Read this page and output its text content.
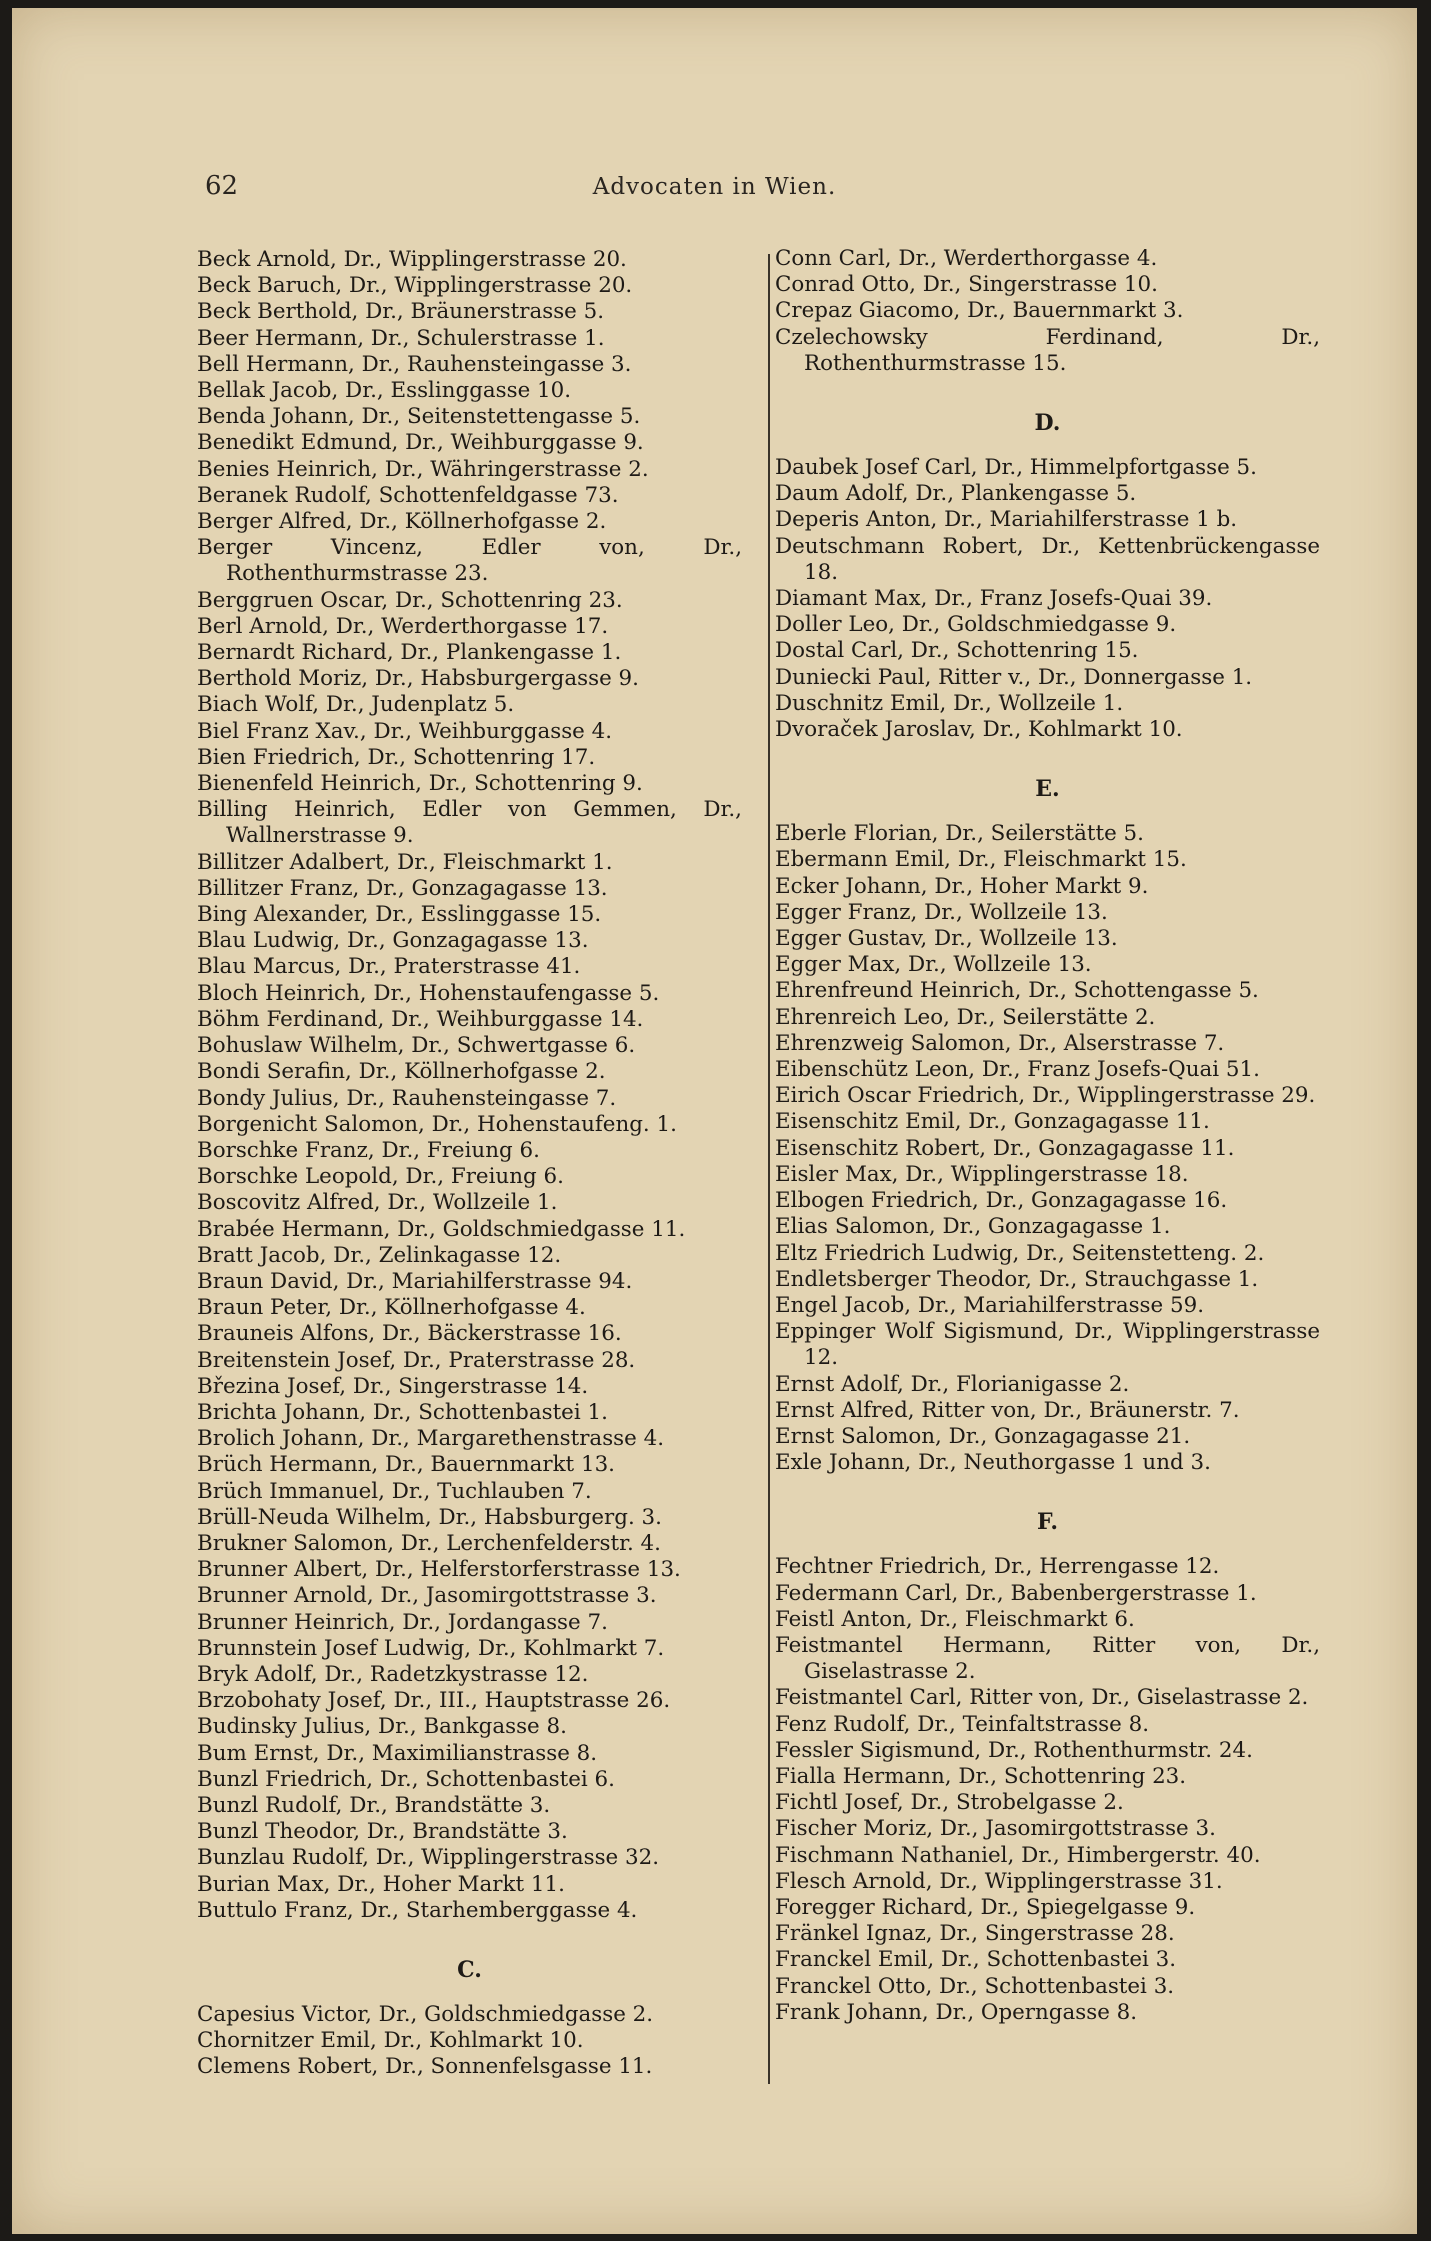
62	Advocaten in Wien.
Beck Arnold, Dr., Wipplingerstrasse 20.
Beck Baruch, Dr., Wipplingerstrasse 20.
Beck Berthold, Dr., Bräunerstrasse 5.
Beer Hermann, Dr., Schulerstrasse 1.
Bell Hermann, Dr., Rauhensteingasse 3.
Bellak Jacob, Dr., Esslinggasse 10.
Benda Johann, Dr., Seitenstettengasse 5.
Benedikt Edmund, Dr., Weihburggasse 9.
Benies Heinrich, Dr., Währingerstrasse 2.
Beranek Rudolf, Schottenfeldgasse 73.
Berger Alfred, Dr., Köllnerhofgasse 2.
Berger Vincenz, Edler von, Dr., Rothenthurmstrasse 23.
Berggruen Oscar, Dr., Schottenring 23.
Berl Arnold, Dr., Werderthorgasse 17.
Bernardt Richard, Dr., Plankengasse 1.
Berthold Moriz, Dr., Habsburgergasse 9.
Biach Wolf, Dr., Judenplatz 5.
Biel Franz Xav., Dr., Weihburggasse 4.
Bien Friedrich, Dr., Schottenring 17.
Bienenfeld Heinrich, Dr., Schottenring 9.
Billing Heinrich, Edler von Gemmen, Dr., Wallnerstrasse 9.
Billitzer Adalbert, Dr., Fleischmarkt 1.
Billitzer Franz, Dr., Gonzagagasse 13.
Bing Alexander, Dr., Esslinggasse 15.
Blau Ludwig, Dr., Gonzagagasse 13.
Blau Marcus, Dr., Praterstrasse 41.
Bloch Heinrich, Dr., Hohenstaufengasse 5.
Böhm Ferdinand, Dr., Weihburggasse 14.
Bohuslaw Wilhelm, Dr., Schwertgasse 6.
Bondi Serafin, Dr., Köllnerhofgasse 2.
Bondy Julius, Dr., Rauhensteingasse 7.
Borgenicht Salomon, Dr., Hohenstaufeng. 1.
Borschke Franz, Dr., Freiung 6.
Borschke Leopold, Dr., Freiung 6.
Boscovitz Alfred, Dr., Wollzeile 1.
Brabée Hermann, Dr., Goldschmiedgasse 11.
Bratt Jacob, Dr., Zelinkagasse 12.
Braun David, Dr., Mariahilferstrasse 94.
Braun Peter, Dr., Köllnerhofgasse 4.
Brauneis Alfons, Dr., Bäckerstrasse 16.
Breitenstein Josef, Dr., Praterstrasse 28.
Březina Josef, Dr., Singerstrasse 14.
Brichta Johann, Dr., Schottenbastei 1.
Brolich Johann, Dr., Margarethenstrasse 4.
Brüch Hermann, Dr., Bauernmarkt 13.
Brüch Immanuel, Dr., Tuchlauben 7.
Brüll-Neuda Wilhelm, Dr., Habsburgerg. 3.
Brukner Salomon, Dr., Lerchenfelderstr. 4.
Brunner Albert, Dr., Helferstorferstrasse 13.
Brunner Arnold, Dr., Jasomirgottstrasse 3.
Brunner Heinrich, Dr., Jordangasse 7.
Brunnstein Josef Ludwig, Dr., Kohlmarkt 7.
Bryk Adolf, Dr., Radetzkystrasse 12.
Brzobohaty Josef, Dr., III., Hauptstrasse 26.
Budinsky Julius, Dr., Bankgasse 8.
Bum Ernst, Dr., Maximilianstrasse 8.
Bunzl Friedrich, Dr., Schottenbastei 6.
Bunzl Rudolf, Dr., Brandstätte 3.
Bunzl Theodor, Dr., Brandstätte 3.
Bunzlau Rudolf, Dr., Wipplingerstrasse 32.
Burian Max, Dr., Hoher Markt 11.
Buttulo Franz, Dr., Starhemberggasse 4.
C.
Capesius Victor, Dr., Goldschmiedgasse 2.
Chornitzer Emil, Dr., Kohlmarkt 10.
Clemens Robert, Dr., Sonnenfelsgasse 11.
Conn Carl, Dr., Werderthorgasse 4.
Conrad Otto, Dr., Singerstrasse 10.
Crepaz Giacomo, Dr., Bauernmarkt 3.
Czelechowsky Ferdinand, Dr., Rothenthurmstrasse 15.
D.
Daubek Josef Carl, Dr., Himmelpfortgasse 5.
Daum Adolf, Dr., Plankengasse 5.
Deperis Anton, Dr., Mariahilferstrasse 1 b.
Deutschmann Robert, Dr., Kettenbrückengasse 18.
Diamant Max, Dr., Franz Josefs-Quai 39.
Doller Leo, Dr., Goldschmiedgasse 9.
Dostal Carl, Dr., Schottenring 15.
Duniecki Paul, Ritter v., Dr., Donnergasse 1.
Duschnitz Emil, Dr., Wollzeile 1.
Dvoraček Jaroslav, Dr., Kohlmarkt 10.
E.
Eberle Florian, Dr., Seilerstätte 5.
Ebermann Emil, Dr., Fleischmarkt 15.
Ecker Johann, Dr., Hoher Markt 9.
Egger Franz, Dr., Wollzeile 13.
Egger Gustav, Dr., Wollzeile 13.
Egger Max, Dr., Wollzeile 13.
Ehrenfreund Heinrich, Dr., Schottengasse 5.
Ehrenreich Leo, Dr., Seilerstätte 2.
Ehrenzweig Salomon, Dr., Alserstrasse 7.
Eibenschütz Leon, Dr., Franz Josefs-Quai 51.
Eirich Oscar Friedrich, Dr., Wipplingerstrasse 29.
Eisenschitz Emil, Dr., Gonzagagasse 11.
Eisenschitz Robert, Dr., Gonzagagasse 11.
Eisler Max, Dr., Wipplingerstrasse 18.
Elbogen Friedrich, Dr., Gonzagagasse 16.
Elias Salomon, Dr., Gonzagagasse 1.
Eltz Friedrich Ludwig, Dr., Seitenstetteng. 2.
Endletsberger Theodor, Dr., Strauchgasse 1.
Engel Jacob, Dr., Mariahilferstrasse 59.
Eppinger Wolf Sigismund, Dr., Wipplingerstrasse 12.
Ernst Adolf, Dr., Florianigasse 2.
Ernst Alfred, Ritter von, Dr., Bräunerstr. 7.
Ernst Salomon, Dr., Gonzagagasse 21.
Exle Johann, Dr., Neuthorgasse 1 und 3.
F.
Fechtner Friedrich, Dr., Herrengasse 12.
Federmann Carl, Dr., Babenbergerstrasse 1.
Feistl Anton, Dr., Fleischmarkt 6.
Feistmantel Hermann, Ritter von, Dr., Giselastrasse 2.
Feistmantel Carl, Ritter von, Dr., Giselastrasse 2.
Fenz Rudolf, Dr., Teinfaltstrasse 8.
Fessler Sigismund, Dr., Rothenthurmstr. 24.
Fialla Hermann, Dr., Schottenring 23.
Fichtl Josef, Dr., Strobelgasse 2.
Fischer Moriz, Dr., Jasomirgottstrasse 3.
Fischmann Nathaniel, Dr., Himbergerstr. 40.
Flesch Arnold, Dr., Wipplingerstrasse 31.
Foregger Richard, Dr., Spiegelgasse 9.
Fränkel Ignaz, Dr., Singerstrasse 28.
Franckel Emil, Dr., Schottenbastei 3.
Franckel Otto, Dr., Schottenbastei 3.
Frank Johann, Dr., Operngasse 8.
